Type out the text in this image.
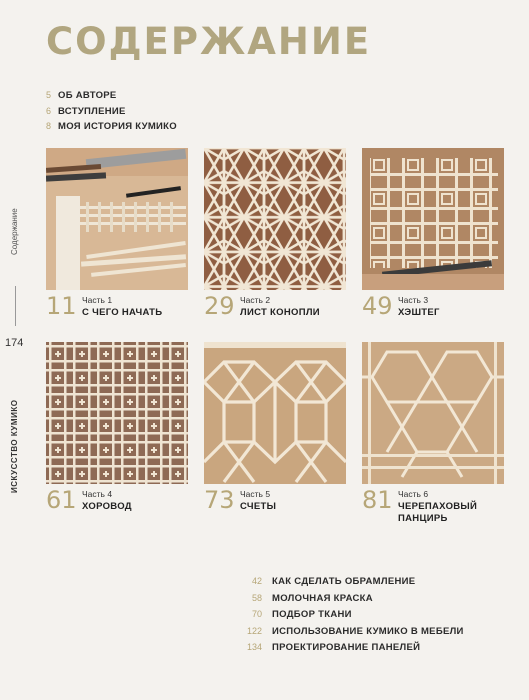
СОДЕРЖАНИЕ
5 ОБ АВТОРЕ
6 ВСТУПЛЕНИЕ
8 МОЯ ИСТОРИЯ КУМИКО
Содержание
174
ИСКУССТВО КУМИКО
11 Часть 1
С ЧЕГО НАЧАТЬ 29 Часть 2
ЛИСТ КОНОПЛИ 49 Часть 3
ХЭШТЕГ
61 Часть 4
ХОРОВОД	73 Часть 5
СЧЕТЫ	81 Часть 6
ЧЕРЕПАХОВЫЙ
ПАНЦИРЬ
42 КАК СДЕЛАТЬ ОБРАМЛЕНИЕ
58 МОЛОЧНАЯ КРАСКА
70 ПОДБОР ТКАНИ
122 ИСПОЛЬЗОВАНИЕ КУМИКО В МЕБЕЛИ
134 ПРОЕКТИРОВАНИЕ ПАНЕЛЕЙ
